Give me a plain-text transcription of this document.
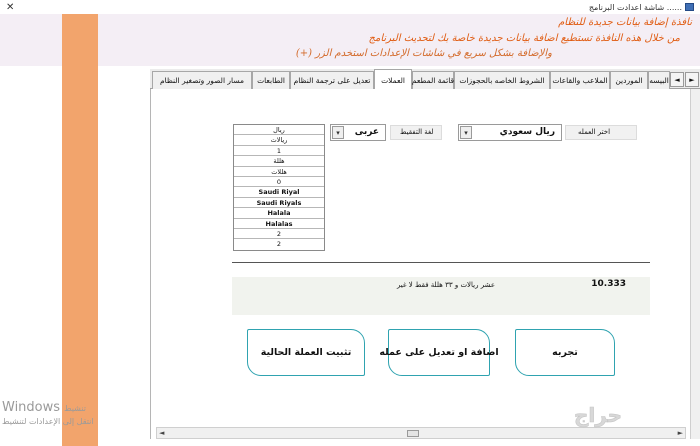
...... شاشة اعدادت البرنامج
✕
نافذة إضافة بيانات جديدة للنظام
من خلال هذه النافذة تستطيع اضافة بيانات جديدة خاصة بك لتحديث البرنامج
والإضافة بشكل سريع في شاشات الإعدادات استخدم الزر (+)
Windows تنشيط
انتقل إلى الإعدادات لتنشيط
مسار الصور وتصغير النظام الطابعات تعديل على ترجمة النظام العملات قائمة المطعم الشروط الخاصه بالحجوزات الملاعب والقاعات الموردين البيسه ◄	►
اختر العمله
ريال سعودي
▾
لغة التفقيط
عربى
▾
ريال
ريالات
1
هللة
هللات
0
Saudi Riyal
Saudi Riyals
Halala
Halalas
2
2
10.333
عشر ريالات و ٣٣ هللة فقط لا غير
تجربه
اضافة او تعديل على عمله
تثبيت العملة الحالية
◄	►
حراج
